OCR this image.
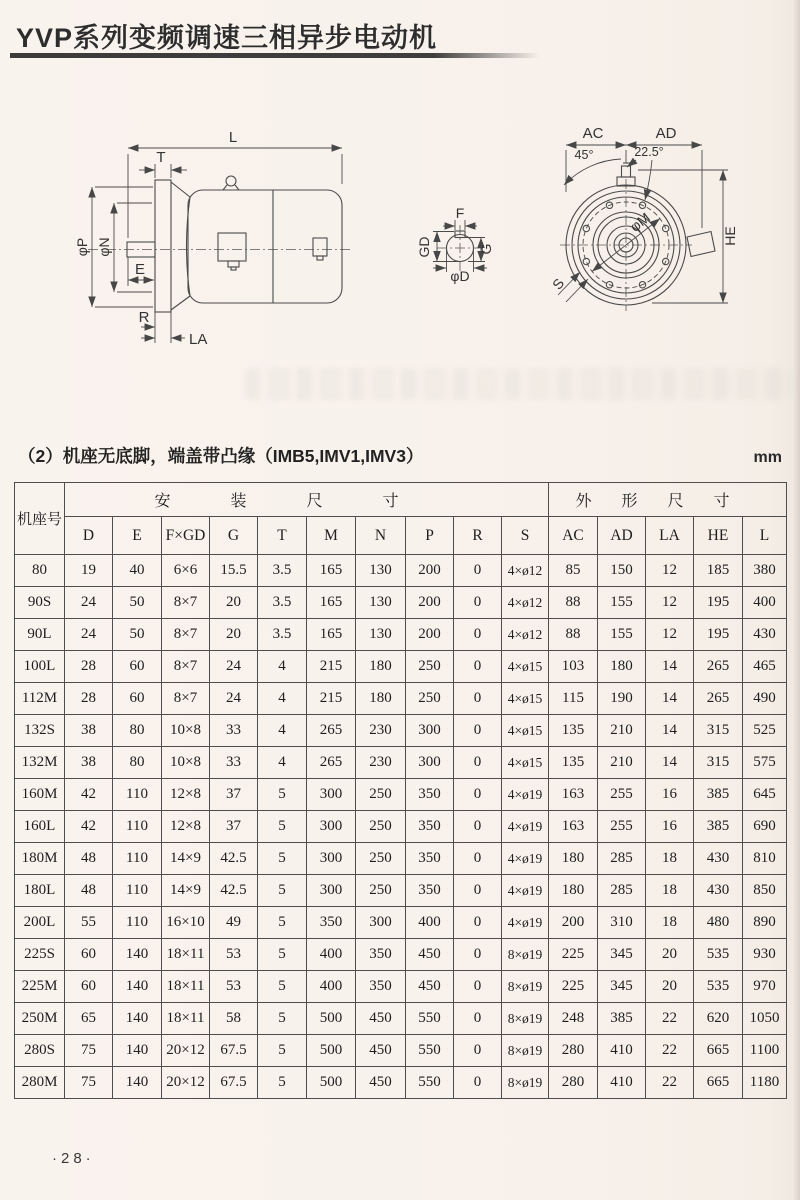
YVP系列变频调速三相异步电动机
L
T
φP φN
E
R
LA
F
GD	G
φD
AC	AD
45°	22.5°
φM
HE
S
（2）机座无底脚，端盖带凸缘（IMB5,IMV1,IMV3）	mm
机座号	安装尺寸										外形尺寸				
	D	E	F×GD	G	T	M	N	P	R	S	AC	AD	LA	HE	L
80	19	40	6×6	15.5	3.5	165	130	200	0	4×ø12	85	150	12	185	380
90S	24	50	8×7	20	3.5	165	130	200	0	4×ø12	88	155	12	195	400
90L	24	50	8×7	20	3.5	165	130	200	0	4×ø12	88	155	12	195	430
100L	28	60	8×7	24	4	215	180	250	0	4×ø15	103	180	14	265	465
112M	28	60	8×7	24	4	215	180	250	0	4×ø15	115	190	14	265	490
132S	38	80	10×8	33	4	265	230	300	0	4×ø15	135	210	14	315	525
132M	38	80	10×8	33	4	265	230	300	0	4×ø15	135	210	14	315	575
160M	42	110	12×8	37	5	300	250	350	0	4×ø19	163	255	16	385	645
160L	42	110	12×8	37	5	300	250	350	0	4×ø19	163	255	16	385	690
180M	48	110	14×9	42.5	5	300	250	350	0	4×ø19	180	285	18	430	810
180L	48	110	14×9	42.5	5	300	250	350	0	4×ø19	180	285	18	430	850
200L	55	110	16×10	49	5	350	300	400	0	4×ø19	200	310	18	480	890
225S	60	140	18×11	53	5	400	350	450	0	8×ø19	225	345	20	535	930
225M	60	140	18×11	53	5	400	350	450	0	8×ø19	225	345	20	535	970
250M	65	140	18×11	58	5	500	450	550	0	8×ø19	248	385	22	620	1050
280S	75	140	20×12	67.5	5	500	450	550	0	8×ø19	280	410	22	665	1100
280M	75	140	20×12	67.5	5	500	450	550	0	8×ø19	280	410	22	665	1180
·28·
